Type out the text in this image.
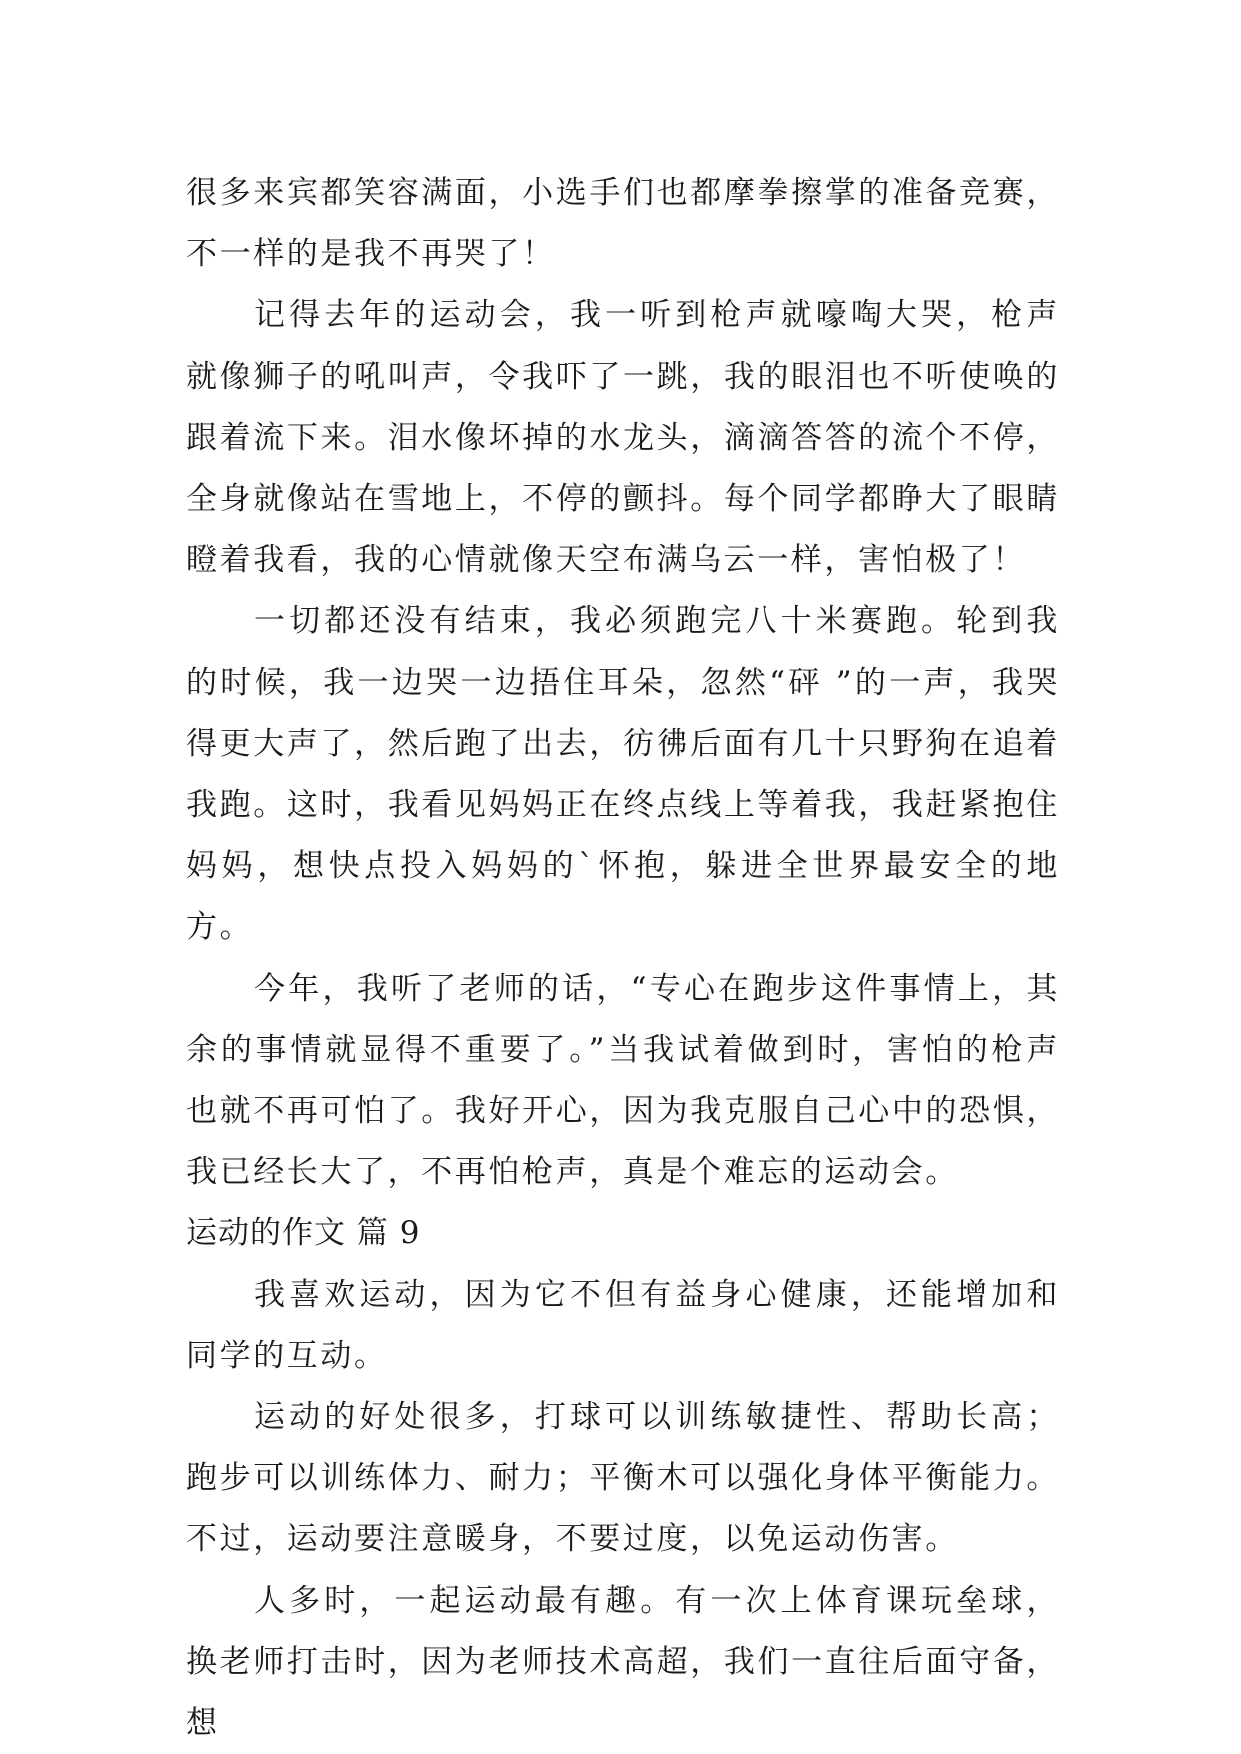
很多来宾都笑容满面，小选手们也都摩拳擦掌的准备竞赛，不一样的是我不再哭了！

记得去年的运动会，我一听到枪声就嚎啕大哭，枪声就像狮子的吼叫声，令我吓了一跳，我的眼泪也不听使唤的跟着流下来。泪水像坏掉的水龙头，滴滴答答的流个不停，全身就像站在雪地上，不停的颤抖。每个同学都睁大了眼睛瞪着我看，我的心情就像天空布满乌云一样，害怕极了！

一切都还没有结束，我必须跑完八十米赛跑。轮到我的时候，我一边哭一边捂住耳朵，忽然“砰 ”的一声，我哭得更大声了，然后跑了出去，彷彿后面有几十只野狗在追着我跑。这时，我看见妈妈正在终点线上等着我，我赶紧抱住妈妈，想快点投入妈妈的`怀抱，躲进全世界最安全的地方。

今年，我听了老师的话，“专心在跑步这件事情上，其余的事情就显得不重要了。”当我试着做到时，害怕的枪声也就不再可怕了。我好开心，因为我克服自己心中的恐惧，我已经长大了，不再怕枪声，真是个难忘的运动会。

运动的作文 篇 9

我喜欢运动，因为它不但有益身心健康，还能增加和同学的互动。

运动的好处很多，打球可以训练敏捷性、帮助长高；跑步可以训练体力、耐力；平衡木可以强化身体平衡能力。不过，运动要注意暖身，不要过度，以免运动伤害。

人多时，一起运动最有趣。有一次上体育课玩垒球，换老师打击时，因为老师技术高超，我们一直往后面守备，想
